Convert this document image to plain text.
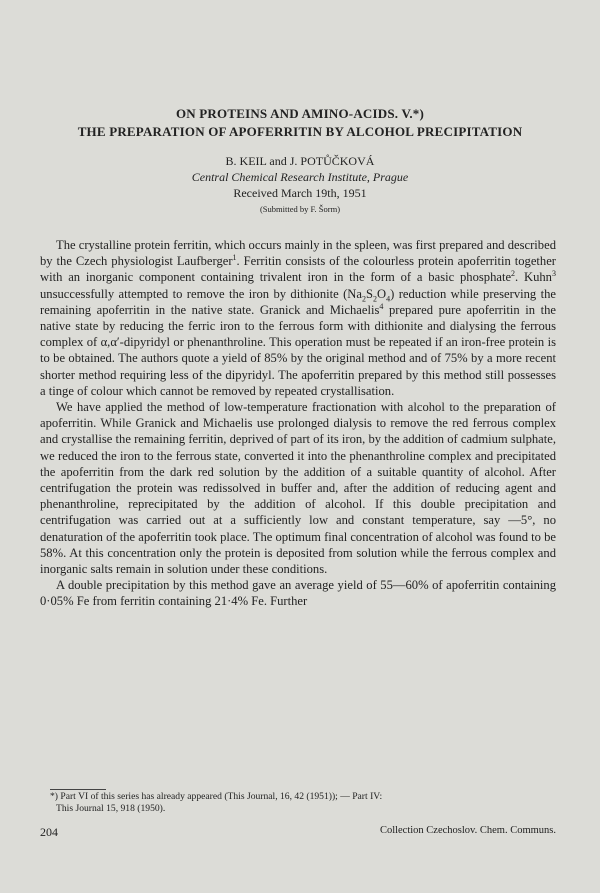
ON PROTEINS AND AMINO-ACIDS. V.*)
THE PREPARATION OF APOFERRITIN BY ALCOHOL PRECIPITATION
B. KEIL and J. POTŮČKOVÁ
Central Chemical Research Institute, Prague
Received March 19th, 1951
(Submitted by F. Šorm)

The crystalline protein ferritin, which occurs mainly in the spleen, was first prepared and described by the Czech physiologist Laufberger$^1$. Ferritin consists of the colourless protein apoferritin together with an inorganic component containing trivalent iron in the form of a basic phosphate$^2$. Kuhn$^3$ unsuccessfully attempted to remove the iron by dithionite $(Na_2S_2O_4)$ reduction while preserving the remaining apoferritin in the native state. Granick and Michaelis$^4$ prepared pure apoferritin in the native state by reducing the ferric iron to the ferrous form with dithionite and dialysing the ferrous complex of α,α′-dipyridyl or phenanthroline. This operation must be repeated if an iron-free protein is to be obtained. The authors quote a yield of 85% by the original method and of 75% by a more recent shorter method requiring less of the dipyridyl. The apoferritin prepared by this method still possesses a tinge of colour which cannot be removed by repeated crystallisation.

We have applied the method of low-temperature fractionation with alcohol to the preparation of apoferritin. While Granick and Michaelis use prolonged dialysis to remove the red ferrous complex and crystallise the remaining ferritin, deprived of part of its iron, by the addition of cadmium sulphate, we reduced the iron to the ferrous state, converted it into the phenanthroline complex and precipitated the apoferritin from the dark red solution by the addition of a suitable quantity of alcohol. After centrifugation the protein was redissolved in buffer and, after the addition of reducing agent and phenanthroline, reprecipitated by the addition of alcohol. If this double precipitation and centrifugation was carried out at a sufficiently low and constant temperature, say —5°, no denaturation of the apoferritin took place. The optimum final concentration of alcohol was found to be 58%. At this concentration only the protein is deposited from solution while the ferrous complex and inorganic salts remain in solution under these conditions.

A double precipitation by this method gave an average yield of 55—60% of apoferritin containing 0·05% Fe from ferritin containing 21·4% Fe. Further

*) Part VI of this series has already appeared (This Journal, 16, 42 (1951)); — Part IV:
This Journal 15, 918 (1950).
204	Collection Czechoslov. Chem. Communs.
